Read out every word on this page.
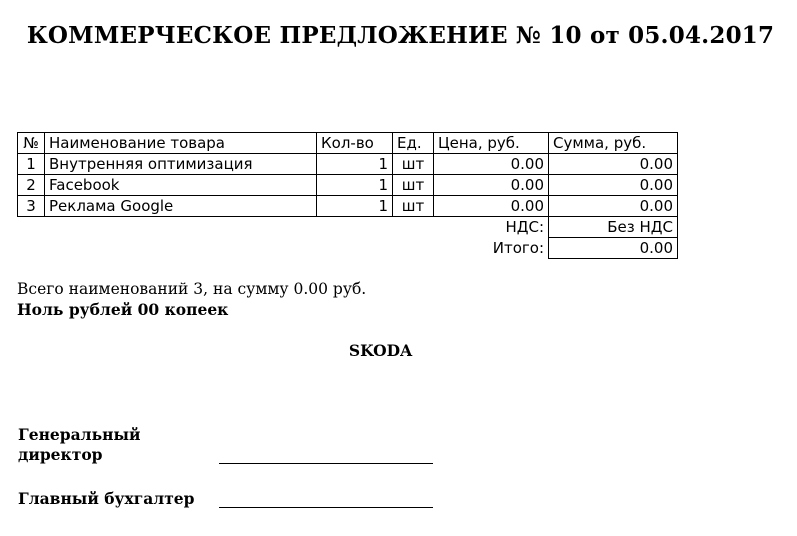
КОММЕРЧЕСКОЕ ПРЕДЛОЖЕНИЕ № 10 от 05.04.2017
№	Наименование товара	Кол-во	Ед.	Цена, руб.	Сумма, руб.
1	Внутренняя оптимизация	1	шт	0.00	0.00
2	Facebook	1	шт	0.00	0.00
3	Реклама Google	1	шт	0.00	0.00
				НДС:	Без НДС
				Итого:	0.00
Всего наименований 3, на сумму 0.00 руб.
Ноль рублей 00 копеек
SKODA
Генеральный
директор
Главный бухгалтер
